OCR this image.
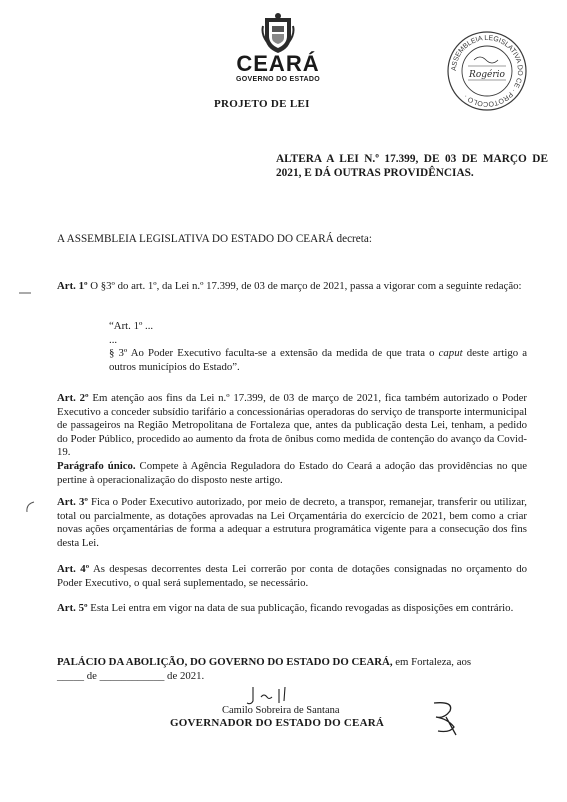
CEARÁ
GOVERNO DO ESTADO
ASSEMBLEIA LEGISLATIVA DO CE · PROTOCOLO ·
Rogério
PROJETO DE LEI
ALTERA A LEI N.º 17.399, DE 03 DE MARÇO DE 2021, E DÁ OUTRAS PROVIDÊNCIAS.
A ASSEMBLEIA LEGISLATIVA DO ESTADO DO CEARÁ decreta:
Art. 1º O §3º do art. 1º, da Lei n.º 17.399, de 03 de março de 2021, passa a vigorar com a seguinte redação:
“Art. 1º ...
...
§ 3º Ao Poder Executivo faculta-se a extensão da medida de que trata o caput deste artigo a outros municípios do Estado”.
Art. 2º Em atenção aos fins da Lei n.º 17.399, de 03 de março de 2021, fica também autorizado o Poder Executivo a conceder subsídio tarifário a concessionárias operadoras do serviço de transporte intermunicipal de passageiros na Região Metropolitana de Fortaleza que, antes da publicação desta Lei, tenham, a pedido do Poder Público, procedido ao aumento da frota de ônibus como medida de contenção do avanço da Covid-19.
Parágrafo único. Compete à Agência Reguladora do Estado do Ceará a adoção das providências no que pertine à operacionalização do disposto neste artigo.
Art. 3º Fica o Poder Executivo autorizado, por meio de decreto, a transpor, remanejar, transferir ou utilizar, total ou parcialmente, as dotações aprovadas na Lei Orçamentária do exercício de 2021, bem como a criar novas ações orçamentárias de forma a adequar a estrutura programática vigente para a consecução dos fins desta Lei.
Art. 4º As despesas decorrentes desta Lei correrão por conta de dotações consignadas no orçamento do Poder Executivo, o qual será suplementado, se necessário.
Art. 5º Esta Lei entra em vigor na data de sua publicação, ficando revogadas as disposições em contrário.
PALÁCIO DA ABOLIÇÃO, DO GOVERNO DO ESTADO DO CEARÁ, em Fortaleza, aos
_____ de ____________ de 2021.
Camilo Sobreira de Santana
GOVERNADOR DO ESTADO DO CEARÁ
